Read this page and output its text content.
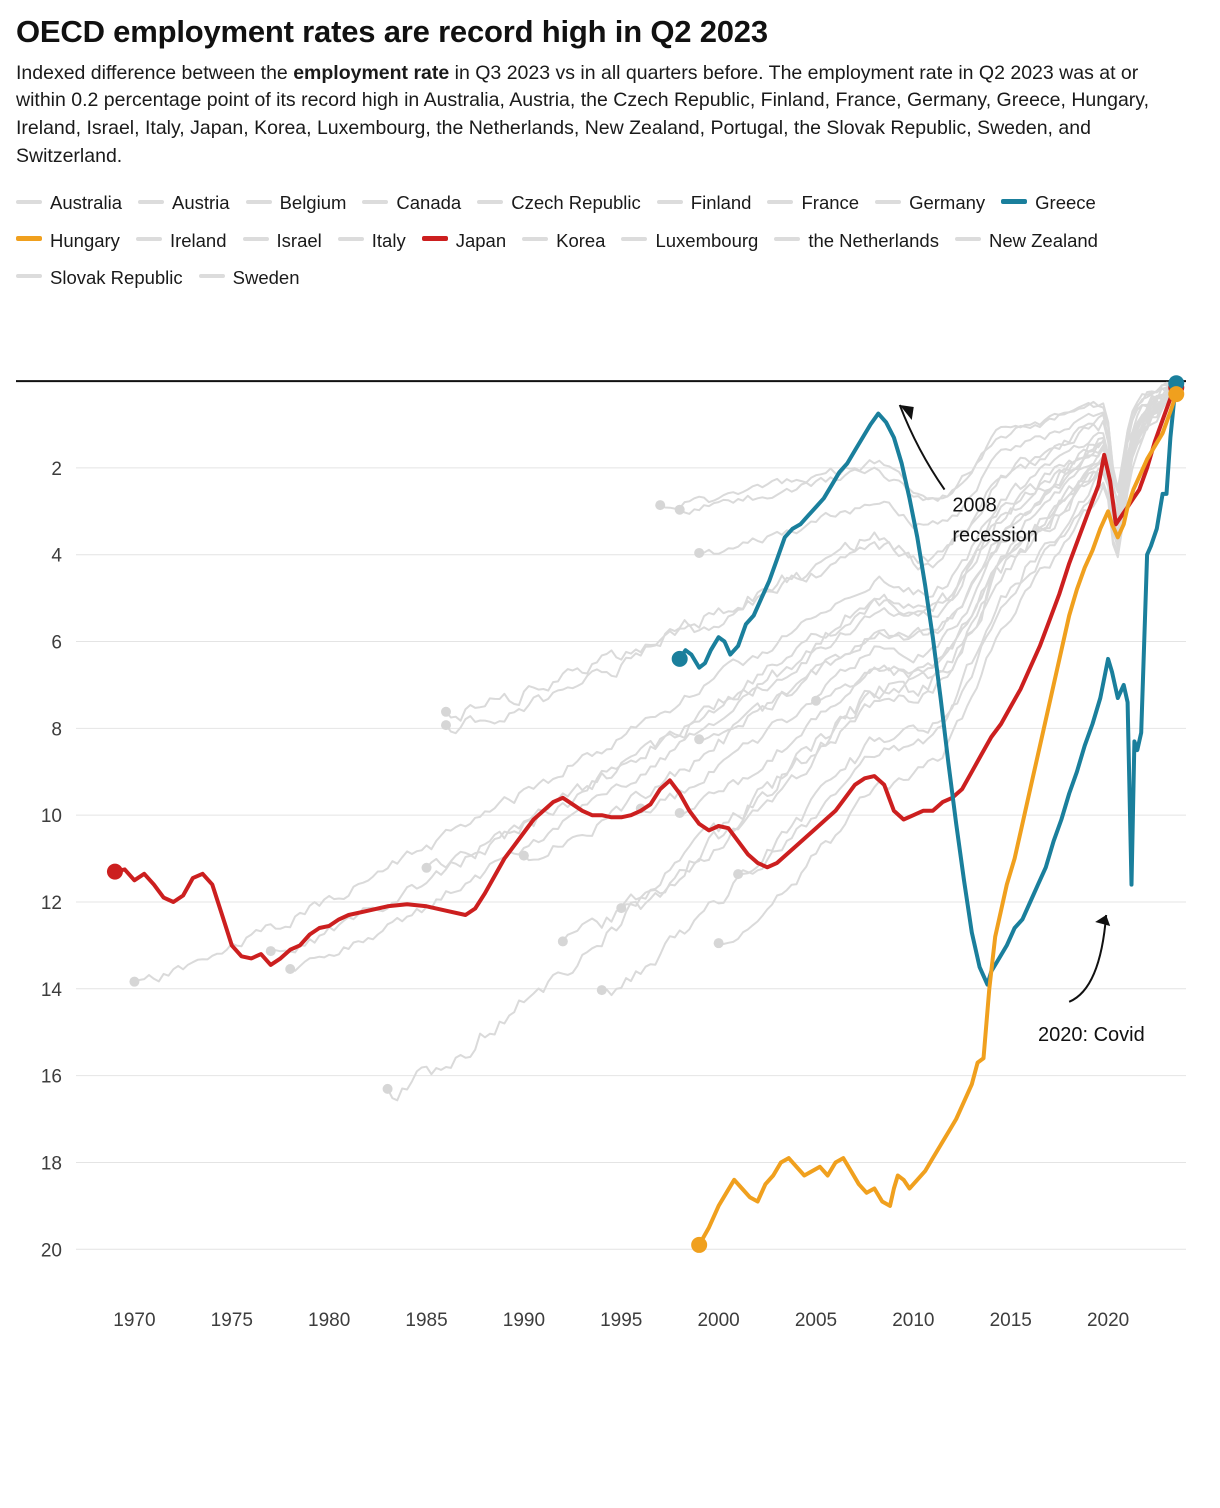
OECD employment rates are record high in Q2 2023

Indexed difference between the employment rate in Q3 2023 vs in all quarters before. The employment rate in Q2 2023 was at or within 0.2 percentage point of its record high in Australia, Austria, the Czech Republic, Finland, France, Germany, Greece, Hungary, Ireland, Israel, Italy, Japan, Korea, Luxembourg, the Netherlands, New Zealand, Portugal, the Slovak Republic, Sweden, and Switzerland.

Australia	Austria	Belgium	Canada	Czech Republic	Finland	France	Germany	GreeceHungary	Ireland	Israel	Italy	Japan	Korea	Luxembourg	the Netherlands	New ZealandSlovak Republic	Sweden
2
4
6
8
10
12
14
16
18
20
1970	1975	1980	1985	1990	1995	2000	2005	2010	2015	2020
2008
recession
2020: Covid
